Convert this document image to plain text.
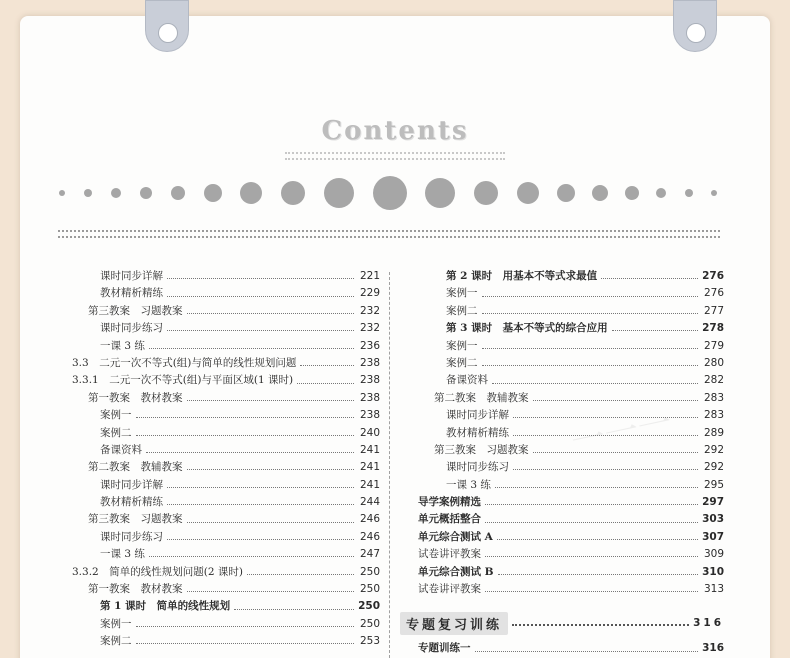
Contents
课时同步详解	221
教材精析精练	229
第三教案　习题教案	232
课时同步练习	232
一课 3 练	236
3.3　二元一次不等式(组)与简单的线性规划问题	238
3.3.1　二元一次不等式(组)与平面区域(1 课时)	238
第一教案　教材教案	238
案例一	238
案例二	240
备课资料	241
第二教案　教辅教案	241
课时同步详解	241
教材精析精练	244
第三教案　习题教案	246
课时同步练习	246
一课 3 练	247
3.3.2　简单的线性规划问题(2 课时)	250
第一教案　教材教案	250
第 1 课时　简单的线性规划	250
案例一	250
案例二	253
第 2 课时　用基本不等式求最值	276
案例一	276
案例二	277
第 3 课时　基本不等式的综合应用	278
案例一	279
案例二	280
备课资料	282
第二教案　教辅教案	283
课时同步详解	283
教材精析精练	289
第三教案　习题教案	292
课时同步练习	292
一课 3 练	295
导学案例精选	297
单元概括整合	303
单元综合测试 A	307
试卷讲评教案	309
单元综合测试 B	310
试卷讲评教案	313
专题复习训练	316
专题训练一	316
一一一
